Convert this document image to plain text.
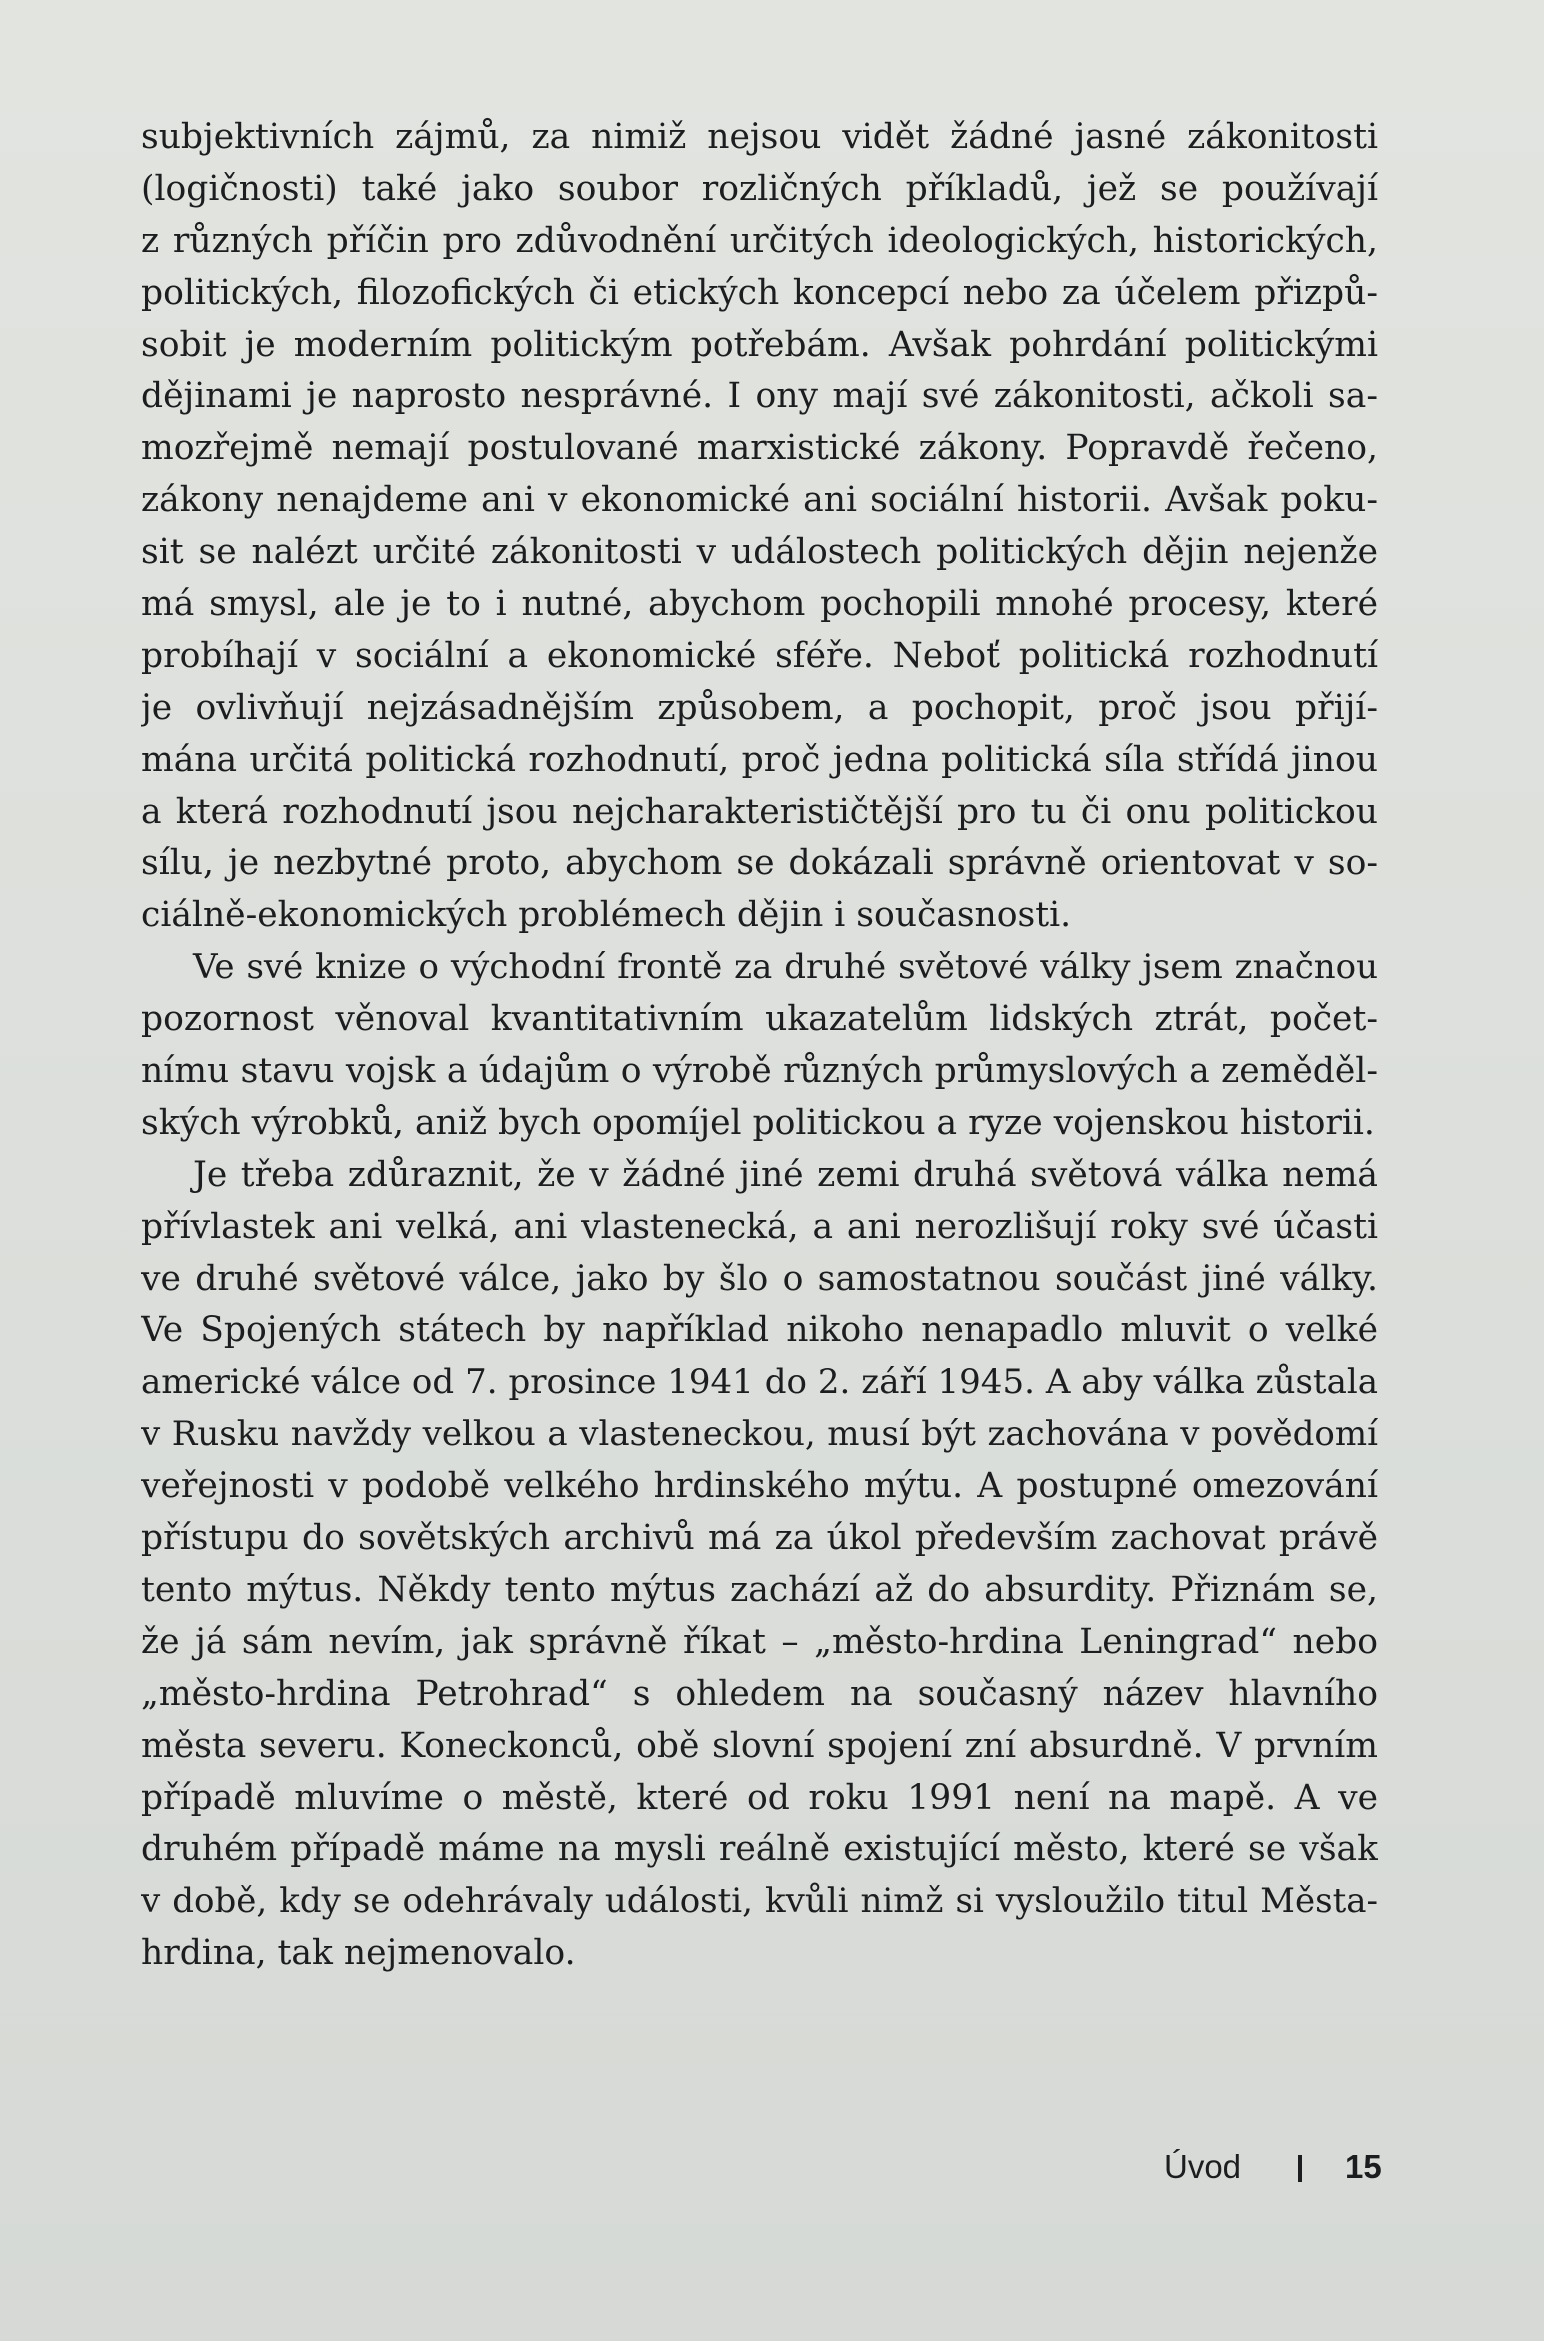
subjektivních zájmů, za nimiž nejsou vidět žádné jasné zákonitosti
(logičnosti) také jako soubor rozličných příkladů, jež se používají
z různých příčin pro zdůvodnění určitých ideologických, historických,
politických, filozofických či etických koncepcí nebo za účelem přizpů-
sobit je moderním politickým potřebám. Avšak pohrdání politickými
dějinami je naprosto nesprávné. I ony mají své zákonitosti, ačkoli sa-
mozřejmě nemají postulované marxistické zákony. Popravdě řečeno,
zákony nenajdeme ani v ekonomické ani sociální historii. Avšak poku-
sit se nalézt určité zákonitosti v událostech politických dějin nejenže
má smysl, ale je to i nutné, abychom pochopili mnohé procesy, které
probíhají v sociální a ekonomické sféře. Neboť politická rozhodnutí
je ovlivňují nejzásadnějším způsobem, a pochopit, proč jsou přijí-
mána určitá politická rozhodnutí, proč jedna politická síla střídá jinou
a která rozhodnutí jsou nejcharakterističtější pro tu či onu politickou
sílu, je nezbytné proto, abychom se dokázali správně orientovat v so-
ciálně-ekonomických problémech dějin i současnosti.
Ve své knize o východní frontě za druhé světové války jsem značnou
pozornost věnoval kvantitativním ukazatelům lidských ztrát, počet-
nímu stavu vojsk a údajům o výrobě různých průmyslových a zeměděl-
ských výrobků, aniž bych opomíjel politickou a ryze vojenskou historii.
Je třeba zdůraznit, že v žádné jiné zemi druhá světová válka nemá
přívlastek ani velká, ani vlastenecká, a ani nerozlišují roky své účasti
ve druhé světové válce, jako by šlo o samostatnou součást jiné války.
Ve Spojených státech by například nikoho nenapadlo mluvit o velké
americké válce od 7. prosince 1941 do 2. září 1945. A aby válka zůstala
v Rusku navždy velkou a vlasteneckou, musí být zachována v povědomí
veřejnosti v podobě velkého hrdinského mýtu. A postupné omezování
přístupu do sovětských archivů má za úkol především zachovat právě
tento mýtus. Někdy tento mýtus zachází až do absurdity. Přiznám se,
že já sám nevím, jak správně říkat – „město-hrdina Leningrad“ nebo
„město-hrdina Petrohrad“ s ohledem na současný název hlavního
města severu. Koneckonců, obě slovní spojení zní absurdně. V prvním
případě mluvíme o městě, které od roku 1991 není na mapě. A ve
druhém případě máme na mysli reálně existující město, které se však
v době, kdy se odehrávaly události, kvůli nimž si vysloužilo titul Města-
hrdina, tak nejmenovalo.
Úvod	15
